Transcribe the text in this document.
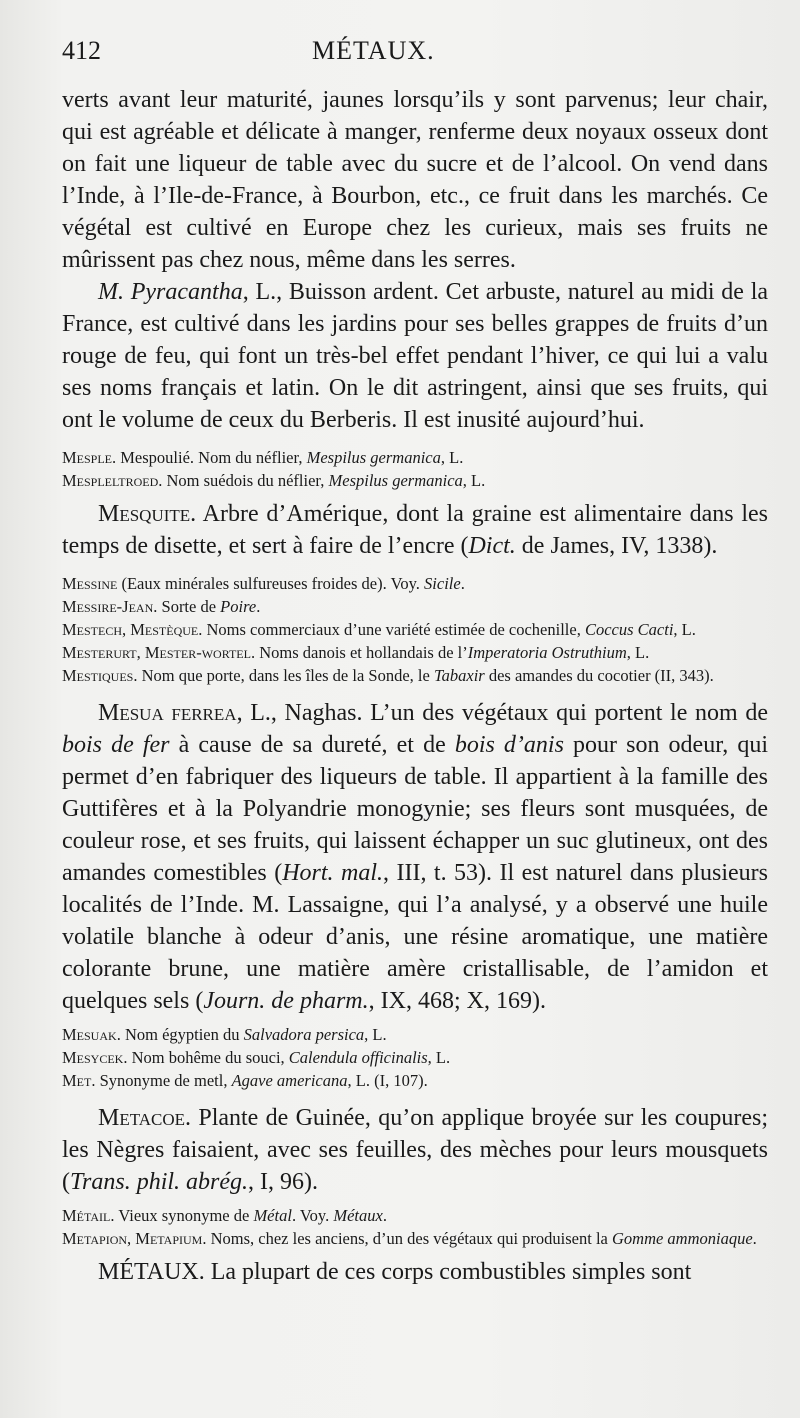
412	MÉTAUX.

verts avant leur maturité, jaunes lorsqu’ils y sont parvenus; leur chair, qui est agréable et délicate à manger, renferme deux noyaux osseux dont on fait une liqueur de table avec du sucre et de l’alcool. On vend dans l’Inde, à l’Ile-de-France, à Bourbon, etc., ce fruit dans les marchés. Ce végétal est cultivé en Europe chez les curieux, mais ses fruits ne mûrissent pas chez nous, même dans les serres.

M. Pyracantha, L., Buisson ardent. Cet arbuste, naturel au midi de la France, est cultivé dans les jardins pour ses belles grappes de fruits d’un rouge de feu, qui font un très-bel effet pendant l’hiver, ce qui lui a valu ses noms français et latin. On le dit astringent, ainsi que ses fruits, qui ont le volume de ceux du Berberis. Il est inusité aujourd’hui.

Mesple. Mespoulié. Nom du néflier, Mespilus germanica, L.

Mespleltroed. Nom suédois du néflier, Mespilus germanica, L.

Mesquite. Arbre d’Amérique, dont la graine est alimentaire dans les temps de disette, et sert à faire de l’encre (Dict. de James, IV, 1338).

Messine (Eaux minérales sulfureuses froides de). Voy. Sicile.

Messire-Jean. Sorte de Poire.

Mestech, Mestèque. Noms commerciaux d’une variété estimée de cochenille, Coccus Cacti, L.

Mesterurt, Mester-wortel. Noms danois et hollandais de l’Imperatoria Ostruthium, L.

Mestiques. Nom que porte, dans les îles de la Sonde, le Tabaxir des amandes du cocotier (II, 343).

Mesua ferrea, L., Naghas. L’un des végétaux qui portent le nom de bois de fer à cause de sa dureté, et de bois d’anis pour son odeur, qui permet d’en fabriquer des liqueurs de table. Il appartient à la famille des Guttifères et à la Polyandrie monogynie; ses fleurs sont musquées, de couleur rose, et ses fruits, qui laissent échapper un suc glutineux, ont des amandes comestibles (Hort. mal., III, t. 53). Il est naturel dans plusieurs localités de l’Inde. M. Lassaigne, qui l’a analysé, y a observé une huile volatile blanche à odeur d’anis, une résine aromatique, une matière colorante brune, une matière amère cristallisable, de l’amidon et quelques sels (Journ. de pharm., IX, 468; X, 169).

Mesuak. Nom égyptien du Salvadora persica, L.

Mesycek. Nom bohême du souci, Calendula officinalis, L.

Met. Synonyme de metl, Agave americana, L. (I, 107).

Metacoe. Plante de Guinée, qu’on applique broyée sur les coupures; les Nègres faisaient, avec ses feuilles, des mèches pour leurs mousquets (Trans. phil. abrég., I, 96).

Métail. Vieux synonyme de Métal. Voy. Métaux.

Metapion, Metapium. Noms, chez les anciens, d’un des végétaux qui produisent la Gomme ammoniaque.

MÉTAUX. La plupart de ces corps combustibles simples sont
